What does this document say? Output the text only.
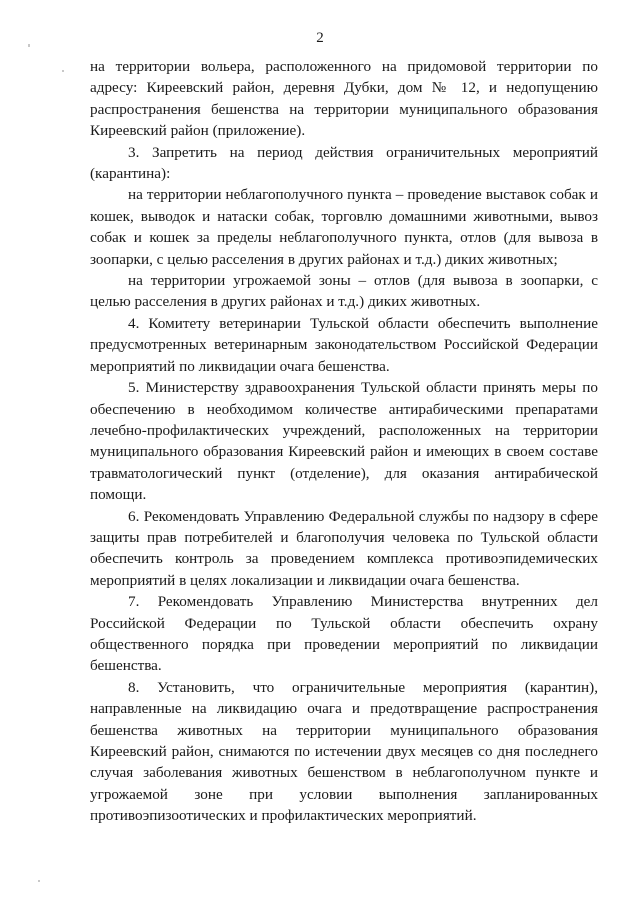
2

на территории вольера, расположенного на придомовой территории по адресу: Киреевский район, деревня Дубки, дом № 12, и недопущению распространения бешенства на территории муниципального образования Киреевский район (приложение).

3. Запретить на период действия ограничительных мероприятий (карантина):

на территории неблагополучного пункта – проведение выставок собак и кошек, выводок и натаски собак, торговлю домашними животными, вывоз собак и кошек за пределы неблагополучного пункта, отлов (для вывоза в зоопарки, с целью расселения в других районах и т.д.) диких животных;

на территории угрожаемой зоны – отлов (для вывоза в зоопарки, с целью расселения в других районах и т.д.) диких животных.

4. Комитету ветеринарии Тульской области обеспечить выполнение предусмотренных ветеринарным законодательством Российской Федерации мероприятий по ликвидации очага бешенства.

5. Министерству здравоохранения Тульской области принять меры по обеспечению в необходимом количестве антирабическими препаратами лечебно-профилактических учреждений, расположенных на территории муниципального образования Киреевский район и имеющих в своем составе травматологический пункт (отделение), для оказания антирабической помощи.

6. Рекомендовать Управлению Федеральной службы по надзору в сфере защиты прав потребителей и благополучия человека по Тульской области обеспечить контроль за проведением комплекса противоэпидемических мероприятий в целях локализации и ликвидации очага бешенства.

7. Рекомендовать Управлению Министерства внутренних дел Российской Федерации по Тульской области обеспечить охрану общественного порядка при проведении мероприятий по ликвидации бешенства.

8. Установить, что ограничительные мероприятия (карантин), направленные на ликвидацию очага и предотвращение распространения бешенства животных на территории муниципального образования Киреевский район, снимаются по истечении двух месяцев со дня последнего случая заболевания животных бешенством в неблагополучном пункте и угрожаемой зоне при условии выполнения запланированных противоэпизоотических и профилактических мероприятий.
